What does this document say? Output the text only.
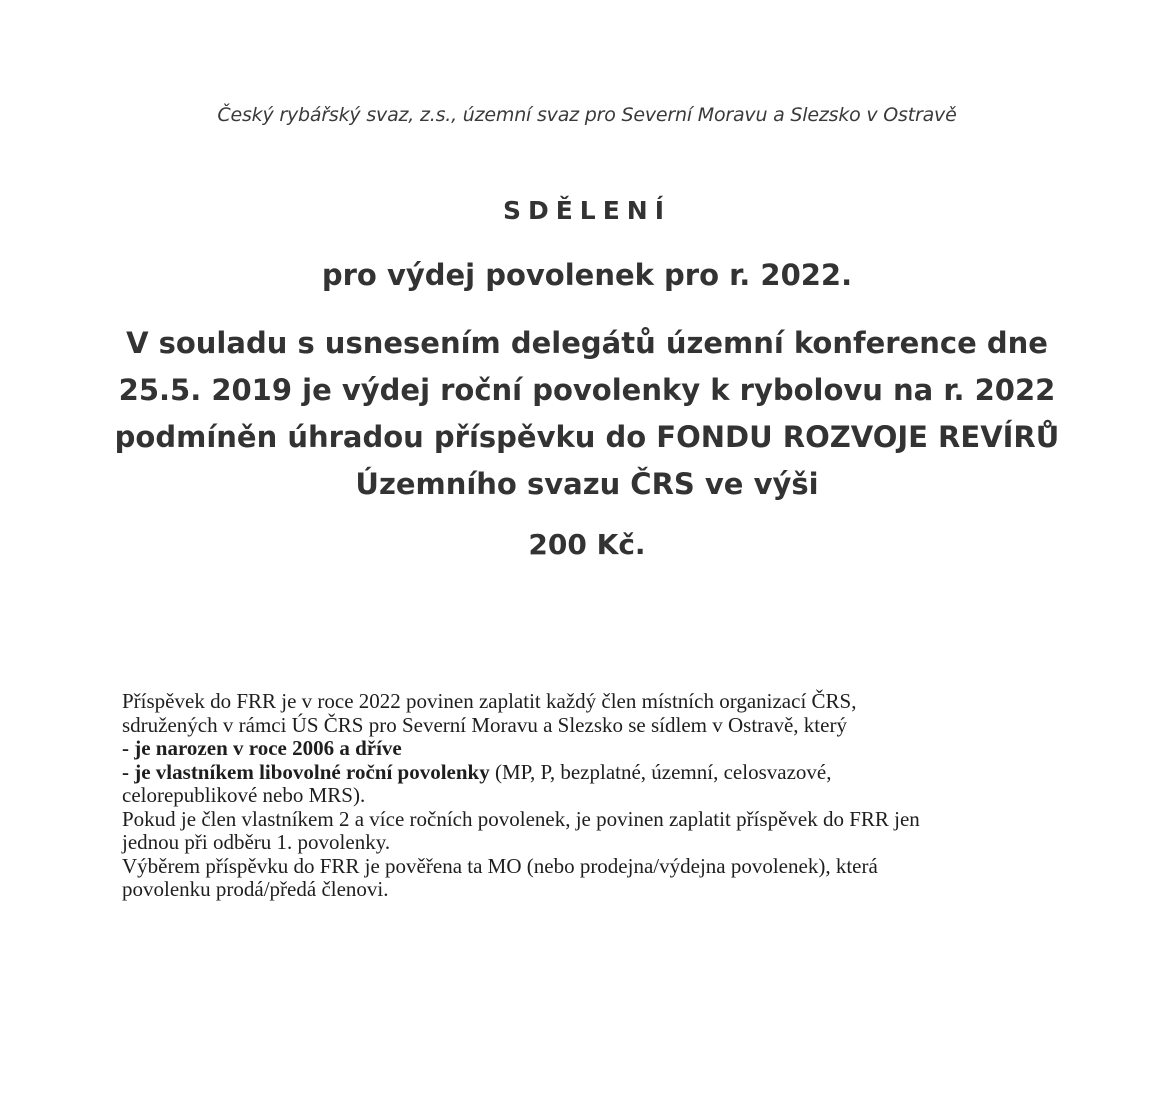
Český rybářský svaz, z.s., územní svaz pro Severní Moravu a Slezsko v Ostravě
SDĚLENÍ
pro výdej povolenek pro r. 2022.
V souladu s usnesením delegátů územní konference dne
25.5. 2019 je výdej roční povolenky k rybolovu na r. 2022
podmíněn úhradou příspěvku do FONDU ROZVOJE REVÍRŮ
Územního svazu ČRS ve výši
200 Kč.

Příspěvek do FRR je v roce 2022 povinen zaplatit každý člen místních organizací ČRS,

sdružených v rámci ÚS ČRS pro Severní Moravu a Slezsko se sídlem v Ostravě, který

- je narozen v roce 2006 a dříve

- je vlastníkem libovolné roční povolenky (MP, P, bezplatné, územní, celosvazové,

celorepublikové nebo MRS).

Pokud je člen vlastníkem 2 a více ročních povolenek, je povinen zaplatit příspěvek do FRR jen

jednou při odběru 1. povolenky.

Výběrem příspěvku do FRR je pověřena ta MO (nebo prodejna/výdejna povolenek), která

povolenku prodá/předá členovi.
